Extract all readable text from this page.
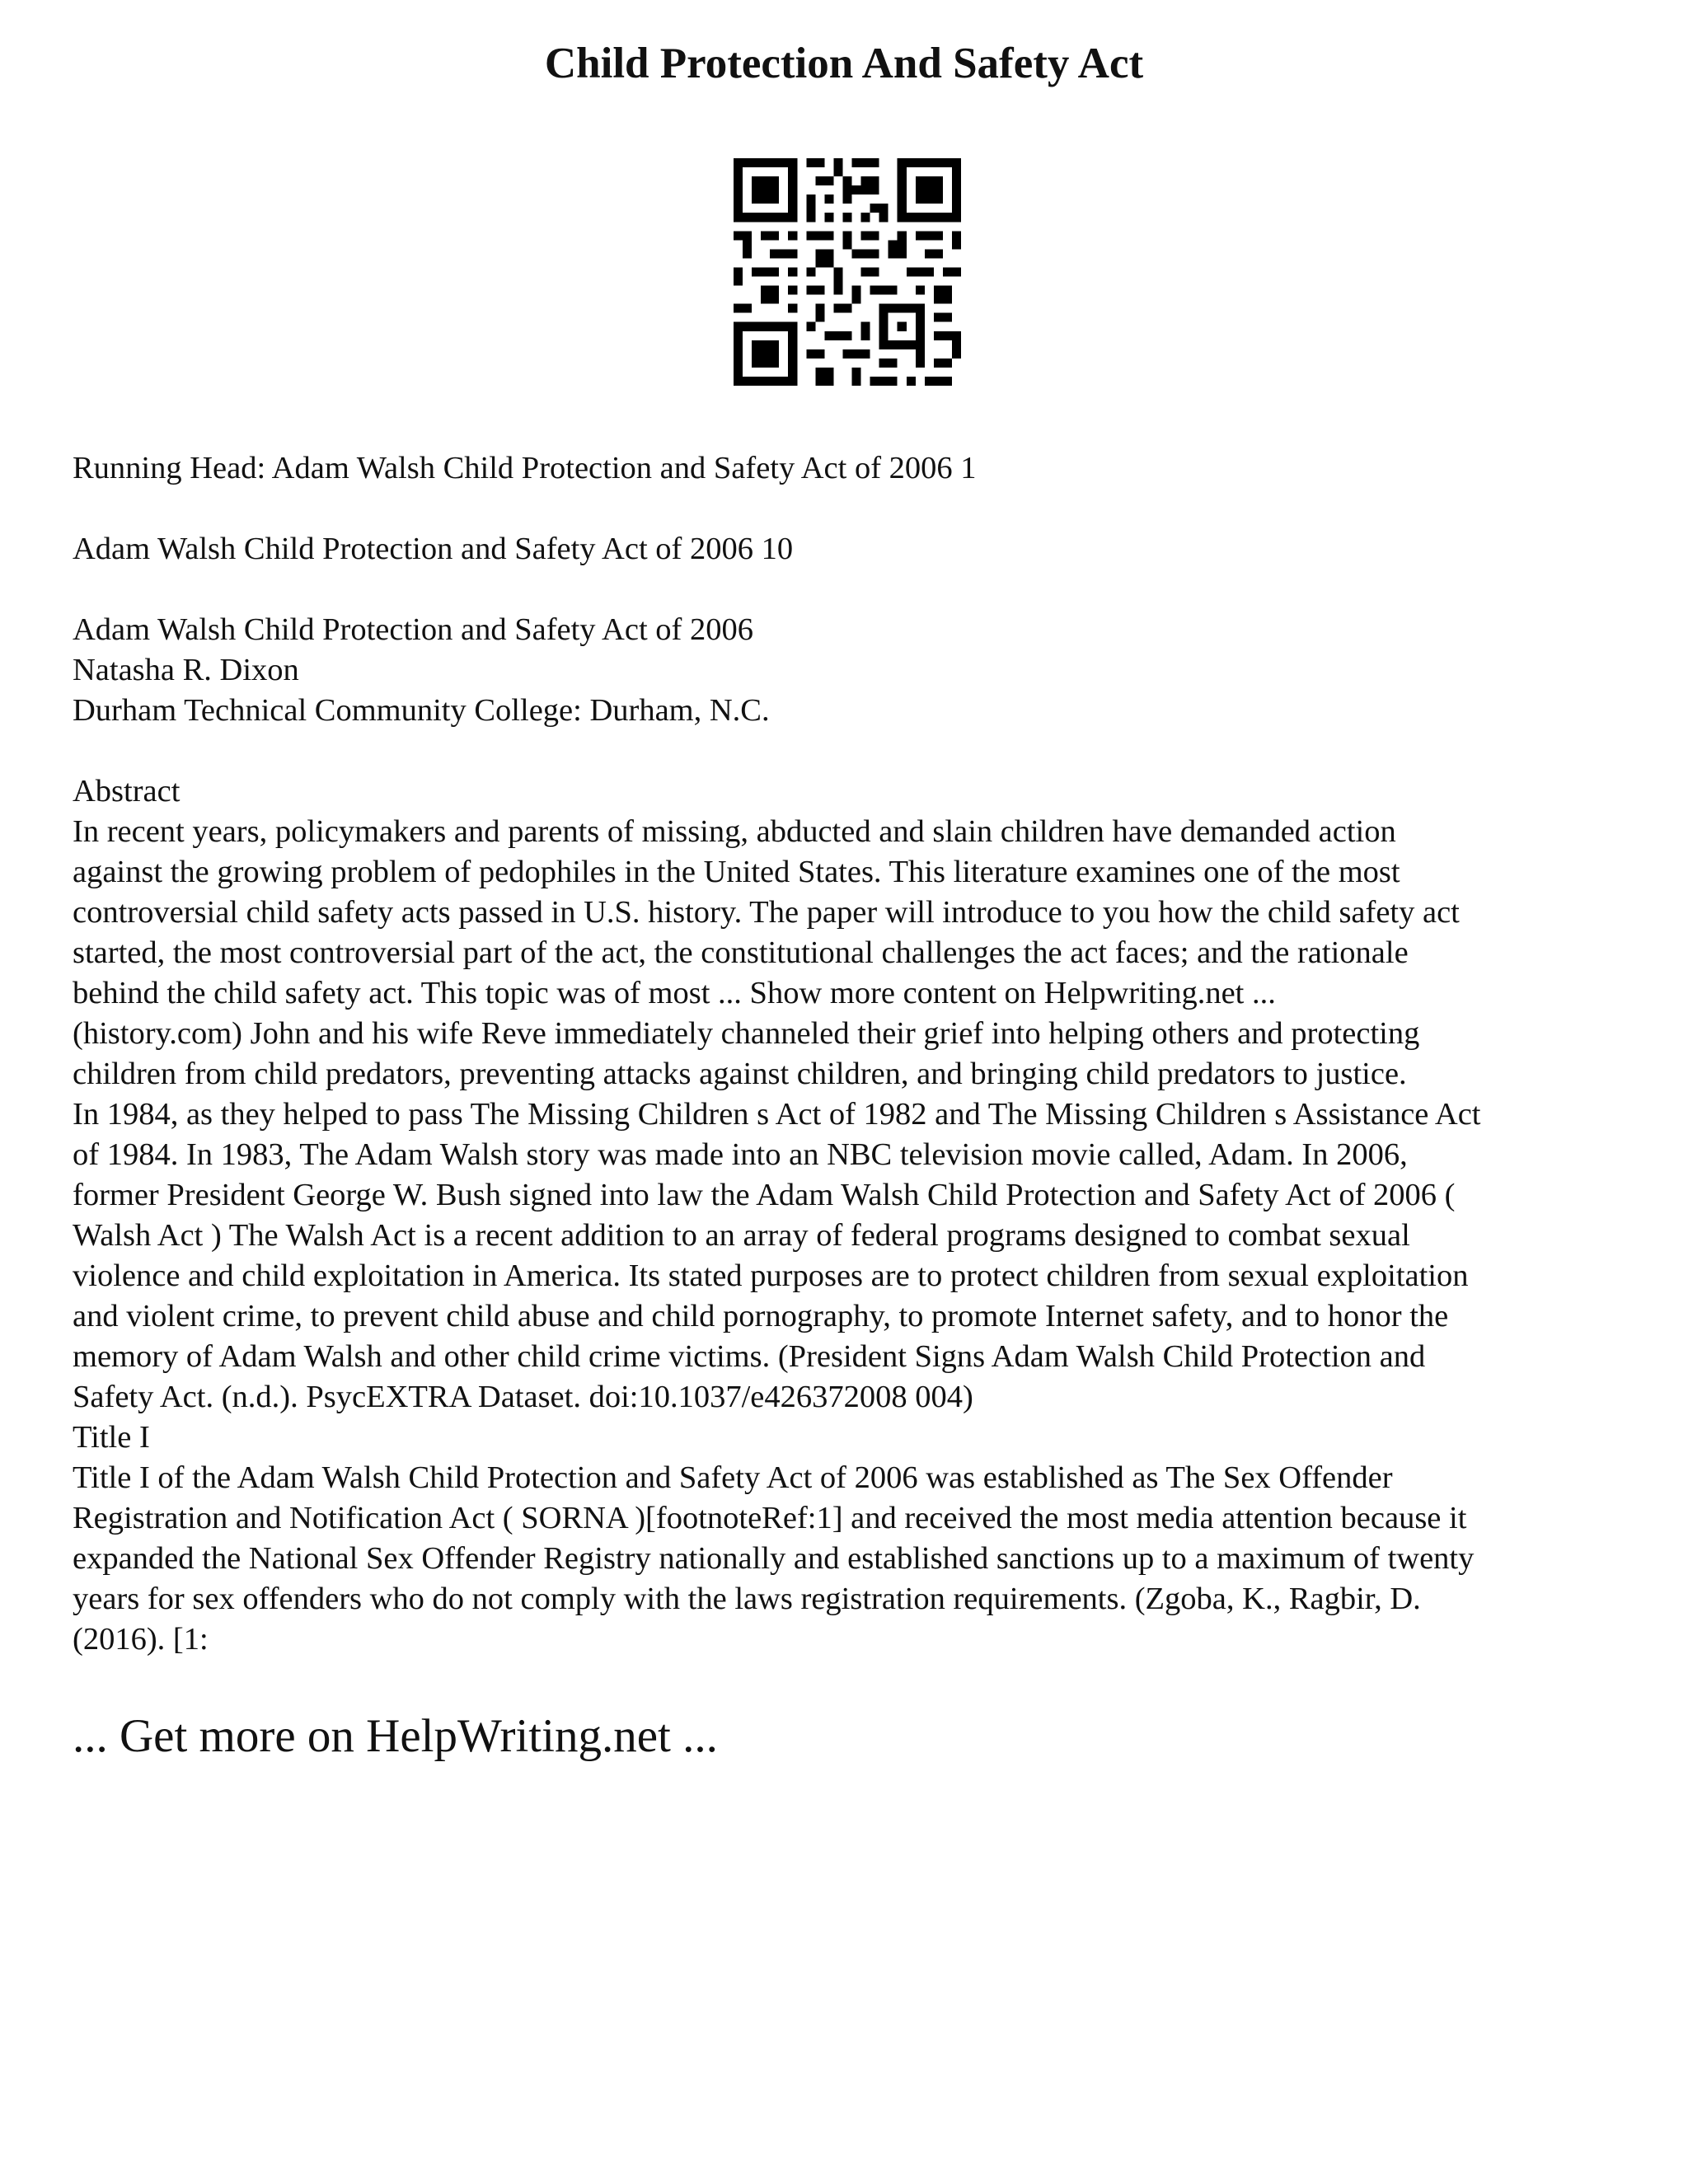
Child Protection And Safety Act

Running Head: Adam Walsh Child Protection and Safety Act of 2006 1

Adam Walsh Child Protection and Safety Act of 2006 10

Adam Walsh Child Protection and Safety Act of 2006
Natasha R. Dixon
Durham Technical Community College: Durham, N.C.
Abstract
In recent years, policymakers and parents of missing, abducted and slain children have demanded action
against the growing problem of pedophiles in the United States. This literature examines one of the most
controversial child safety acts passed in U.S. history. The paper will introduce to you how the child safety act
started, the most controversial part of the act, the constitutional challenges the act faces; and the rationale
behind the child safety act. This topic was of most ... Show more content on Helpwriting.net ...
(history.com) John and his wife Reve immediately channeled their grief into helping others and protecting
children from child predators, preventing attacks against children, and bringing child predators to justice.
In 1984, as they helped to pass The Missing Children s Act of 1982 and The Missing Children s Assistance Act
of 1984. In 1983, The Adam Walsh story was made into an NBC television movie called, Adam. In 2006,
former President George W. Bush signed into law the Adam Walsh Child Protection and Safety Act of 2006 (
Walsh Act ) The Walsh Act is a recent addition to an array of federal programs designed to combat sexual
violence and child exploitation in America. Its stated purposes are to protect children from sexual exploitation
and violent crime, to prevent child abuse and child pornography, to promote Internet safety, and to honor the
memory of Adam Walsh and other child crime victims. (President Signs Adam Walsh Child Protection and
Safety Act. (n.d.). PsycEXTRA Dataset. doi:10.1037/e426372008 004)
Title I
Title I of the Adam Walsh Child Protection and Safety Act of 2006 was established as The Sex Offender
Registration and Notification Act ( SORNA )[footnoteRef:1] and received the most media attention because it
expanded the National Sex Offender Registry nationally and established sanctions up to a maximum of twenty
years for sex offenders who do not comply with the laws registration requirements. (Zgoba, K., Ragbir, D.
(2016). [1:
... Get more on HelpWriting.net ...
